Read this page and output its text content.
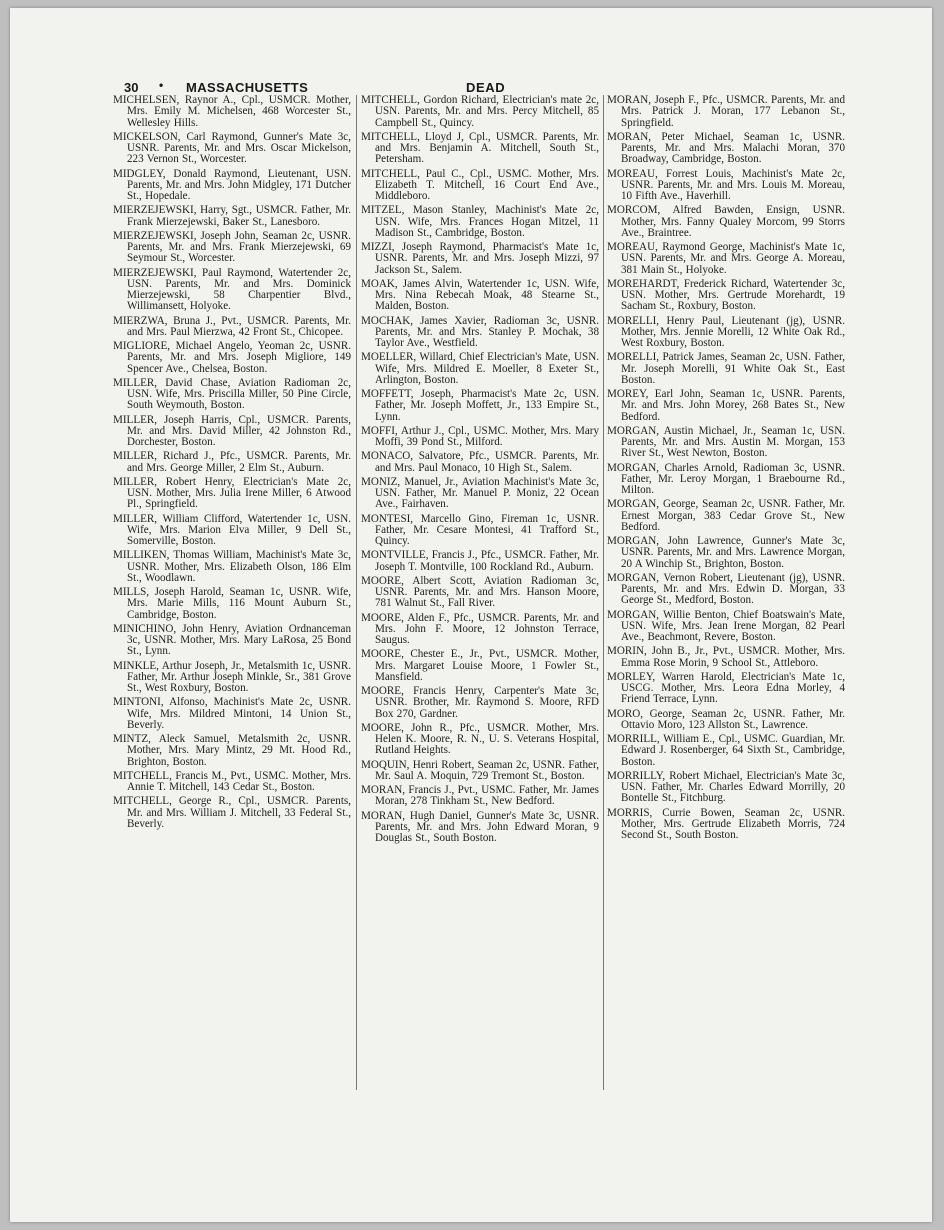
30 • MASSACHUSETTS	DEAD

MICHELSEN, Raynor A., Cpl., USMCR. Mother, Mrs. Emily M. Michelsen, 468 Worcester St., Wellesley Hills.

MICKELSON, Carl Raymond, Gunner's Mate 3c, USNR. Parents, Mr. and Mrs. Oscar Mickelson, 223 Vernon St., Worcester.

MIDGLEY, Donald Raymond, Lieutenant, USN. Parents, Mr. and Mrs. John Midgley, 171 Dutcher St., Hopedale.

MIERZEJEWSKI, Harry, Sgt., USMCR. Father, Mr. Frank Mierzejewski, Baker St., Lanesboro.

MIERZEJEWSKI, Joseph John, Seaman 2c, USNR. Parents, Mr. and Mrs. Frank Mierzejewski, 69 Seymour St., Worcester.

MIERZEJEWSKI, Paul Raymond, Watertender 2c, USN. Parents, Mr. and Mrs. Dominick Mierzejewski, 58 Charpentier Blvd., Willimansett, Holyoke.

MIERZWA, Bruna J., Pvt., USMCR. Parents, Mr. and Mrs. Paul Mierzwa, 42 Front St., Chicopee.

MIGLIORE, Michael Angelo, Yeoman 2c, USNR. Parents, Mr. and Mrs. Joseph Migliore, 149 Spencer Ave., Chelsea, Boston.

MILLER, David Chase, Aviation Radioman 2c, USN. Wife, Mrs. Priscilla Miller, 50 Pine Circle, South Weymouth, Boston.

MILLER, Joseph Harris, Cpl., USMCR. Parents, Mr. and Mrs. David Miller, 42 Johnston Rd., Dorchester, Boston.

MILLER, Richard J., Pfc., USMCR. Parents, Mr. and Mrs. George Miller, 2 Elm St., Auburn.

MILLER, Robert Henry, Electrician's Mate 2c, USN. Mother, Mrs. Julia Irene Miller, 6 Atwood Pl., Springfield.

MILLER, William Clifford, Watertender 1c, USN. Wife, Mrs. Marion Elva Miller, 9 Dell St., Somerville, Boston.

MILLIKEN, Thomas William, Machinist's Mate 3c, USNR. Mother, Mrs. Elizabeth Olson, 186 Elm St., Woodlawn.

MILLS, Joseph Harold, Seaman 1c, USNR. Wife, Mrs. Marie Mills, 116 Mount Auburn St., Cambridge, Boston.

MINICHINO, John Henry, Aviation Ordnanceman 3c, USNR. Mother, Mrs. Mary LaRosa, 25 Bond St., Lynn.

MINKLE, Arthur Joseph, Jr., Metalsmith 1c, USNR. Father, Mr. Arthur Joseph Minkle, Sr., 381 Grove St., West Roxbury, Boston.

MINTONI, Alfonso, Machinist's Mate 2c, USNR. Wife, Mrs. Mildred Mintoni, 14 Union St., Beverly.

MINTZ, Aleck Samuel, Metalsmith 2c, USNR. Mother, Mrs. Mary Mintz, 29 Mt. Hood Rd., Brighton, Boston.

MITCHELL, Francis M., Pvt., USMC. Mother, Mrs. Annie T. Mitchell, 143 Cedar St., Boston.

MITCHELL, George R., Cpl., USMCR. Parents, Mr. and Mrs. William J. Mitchell, 33 Federal St., Beverly.

MITCHELL, Gordon Richard, Electrician's mate 2c, USN. Parents, Mr. and Mrs. Percy Mitchell, 85 Campbell St., Quincy.

MITCHELL, Lloyd J, Cpl., USMCR. Parents, Mr. and Mrs. Benjamin A. Mitchell, South St., Petersham.

MITCHELL, Paul C., Cpl., USMC. Mother, Mrs. Elizabeth T. Mitchell, 16 Court End Ave., Middleboro.

MITZEL, Mason Stanley, Machinist's Mate 2c, USN. Wife, Mrs. Frances Hogan Mitzel, 11 Madison St., Cambridge, Boston.

MIZZI, Joseph Raymond, Pharmacist's Mate 1c, USNR. Parents, Mr. and Mrs. Joseph Mizzi, 97 Jackson St., Salem.

MOAK, James Alvin, Watertender 1c, USN. Wife, Mrs. Nina Rebecah Moak, 48 Stearne St., Malden, Boston.

MOCHAK, James Xavier, Radioman 3c, USNR. Parents, Mr. and Mrs. Stanley P. Mochak, 38 Taylor Ave., Westfield.

MOELLER, Willard, Chief Electrician's Mate, USN. Wife, Mrs. Mildred E. Moeller, 8 Exeter St., Arlington, Boston.

MOFFETT, Joseph, Pharmacist's Mate 2c, USN. Father, Mr. Joseph Moffett, Jr., 133 Empire St., Lynn.

MOFFI, Arthur J., Cpl., USMC. Mother, Mrs. Mary Moffi, 39 Pond St., Milford.

MONACO, Salvatore, Pfc., USMCR. Parents, Mr. and Mrs. Paul Monaco, 10 High St., Salem.

MONIZ, Manuel, Jr., Aviation Machinist's Mate 3c, USN. Father, Mr. Manuel P. Moniz, 22 Ocean Ave., Fairhaven.

MONTESI, Marcello Gino, Fireman 1c, USNR. Father, Mr. Cesare Montesi, 41 Trafford St., Quincy.

MONTVILLE, Francis J., Pfc., USMCR. Father, Mr. Joseph T. Montville, 100 Rockland Rd., Auburn.

MOORE, Albert Scott, Aviation Radioman 3c, USNR. Parents, Mr. and Mrs. Hanson Moore, 781 Walnut St., Fall River.

MOORE, Alden F., Pfc., USMCR. Parents, Mr. and Mrs. John F. Moore, 12 Johnston Terrace, Saugus.

MOORE, Chester E., Jr., Pvt., USMCR. Mother, Mrs. Margaret Louise Moore, 1 Fowler St., Mansfield.

MOORE, Francis Henry, Carpenter's Mate 3c, USNR. Brother, Mr. Raymond S. Moore, RFD Box 270, Gardner.

MOORE, John R., Pfc., USMCR. Mother, Mrs. Helen K. Moore, R. N., U. S. Veterans Hospital, Rutland Heights.

MOQUIN, Henri Robert, Seaman 2c, USNR. Father, Mr. Saul A. Moquin, 729 Tremont St., Boston.

MORAN, Francis J., Pvt., USMC. Father, Mr. James Moran, 278 Tinkham St., New Bedford.

MORAN, Hugh Daniel, Gunner's Mate 3c, USNR. Parents, Mr. and Mrs. John Edward Moran, 9 Douglas St., South Boston.

MORAN, Joseph F., Pfc., USMCR. Parents, Mr. and Mrs. Patrick J. Moran, 177 Lebanon St., Springfield.

MORAN, Peter Michael, Seaman 1c, USNR. Parents, Mr. and Mrs. Malachi Moran, 370 Broadway, Cambridge, Boston.

MOREAU, Forrest Louis, Machinist's Mate 2c, USNR. Parents, Mr. and Mrs. Louis M. Moreau, 10 Fifth Ave., Haverhill.

MORCOM, Alfred Bawden, Ensign, USNR. Mother, Mrs. Fanny Qualey Morcom, 99 Storrs Ave., Braintree.

MOREAU, Raymond George, Machinist's Mate 1c, USN. Parents, Mr. and Mrs. George A. Moreau, 381 Main St., Holyoke.

MOREHARDT, Frederick Richard, Watertender 3c, USN. Mother, Mrs. Gertrude Morehardt, 19 Sacham St., Roxbury, Boston.

MORELLI, Henry Paul, Lieutenant (jg), USNR. Mother, Mrs. Jennie Morelli, 12 White Oak Rd., West Roxbury, Boston.

MORELLI, Patrick James, Seaman 2c, USN. Father, Mr. Joseph Morelli, 91 White Oak St., East Boston.

MOREY, Earl John, Seaman 1c, USNR. Parents, Mr. and Mrs. John Morey, 268 Bates St., New Bedford.

MORGAN, Austin Michael, Jr., Seaman 1c, USN. Parents, Mr. and Mrs. Austin M. Morgan, 153 River St., West Newton, Boston.

MORGAN, Charles Arnold, Radioman 3c, USNR. Father, Mr. Leroy Morgan, 1 Braebourne Rd., Milton.

MORGAN, George, Seaman 2c, USNR. Father, Mr. Ernest Morgan, 383 Cedar Grove St., New Bedford.

MORGAN, John Lawrence, Gunner's Mate 3c, USNR. Parents, Mr. and Mrs. Lawrence Morgan, 20 A Winchip St., Brighton, Boston.

MORGAN, Vernon Robert, Lieutenant (jg), USNR. Parents, Mr. and Mrs. Edwin D. Morgan, 33 George St., Medford, Boston.

MORGAN, Willie Benton, Chief Boatswain's Mate, USN. Wife, Mrs. Jean Irene Morgan, 82 Pearl Ave., Beachmont, Revere, Boston.

MORIN, John B., Jr., Pvt., USMCR. Mother, Mrs. Emma Rose Morin, 9 School St., Attleboro.

MORLEY, Warren Harold, Electrician's Mate 1c, USCG. Mother, Mrs. Leora Edna Morley, 4 Friend Terrace, Lynn.

MORO, George, Seaman 2c, USNR. Father, Mr. Ottavio Moro, 123 Allston St., Lawrence.

MORRILL, William E., Cpl., USMC. Guardian, Mr. Edward J. Rosenberger, 64 Sixth St., Cambridge, Boston.

MORRILLY, Robert Michael, Electrician's Mate 3c, USN. Father, Mr. Charles Edward Morrilly, 20 Bontelle St., Fitchburg.

MORRIS, Currie Bowen, Seaman 2c, USNR. Mother, Mrs. Gertrude Elizabeth Morris, 724 Second St., South Boston.
